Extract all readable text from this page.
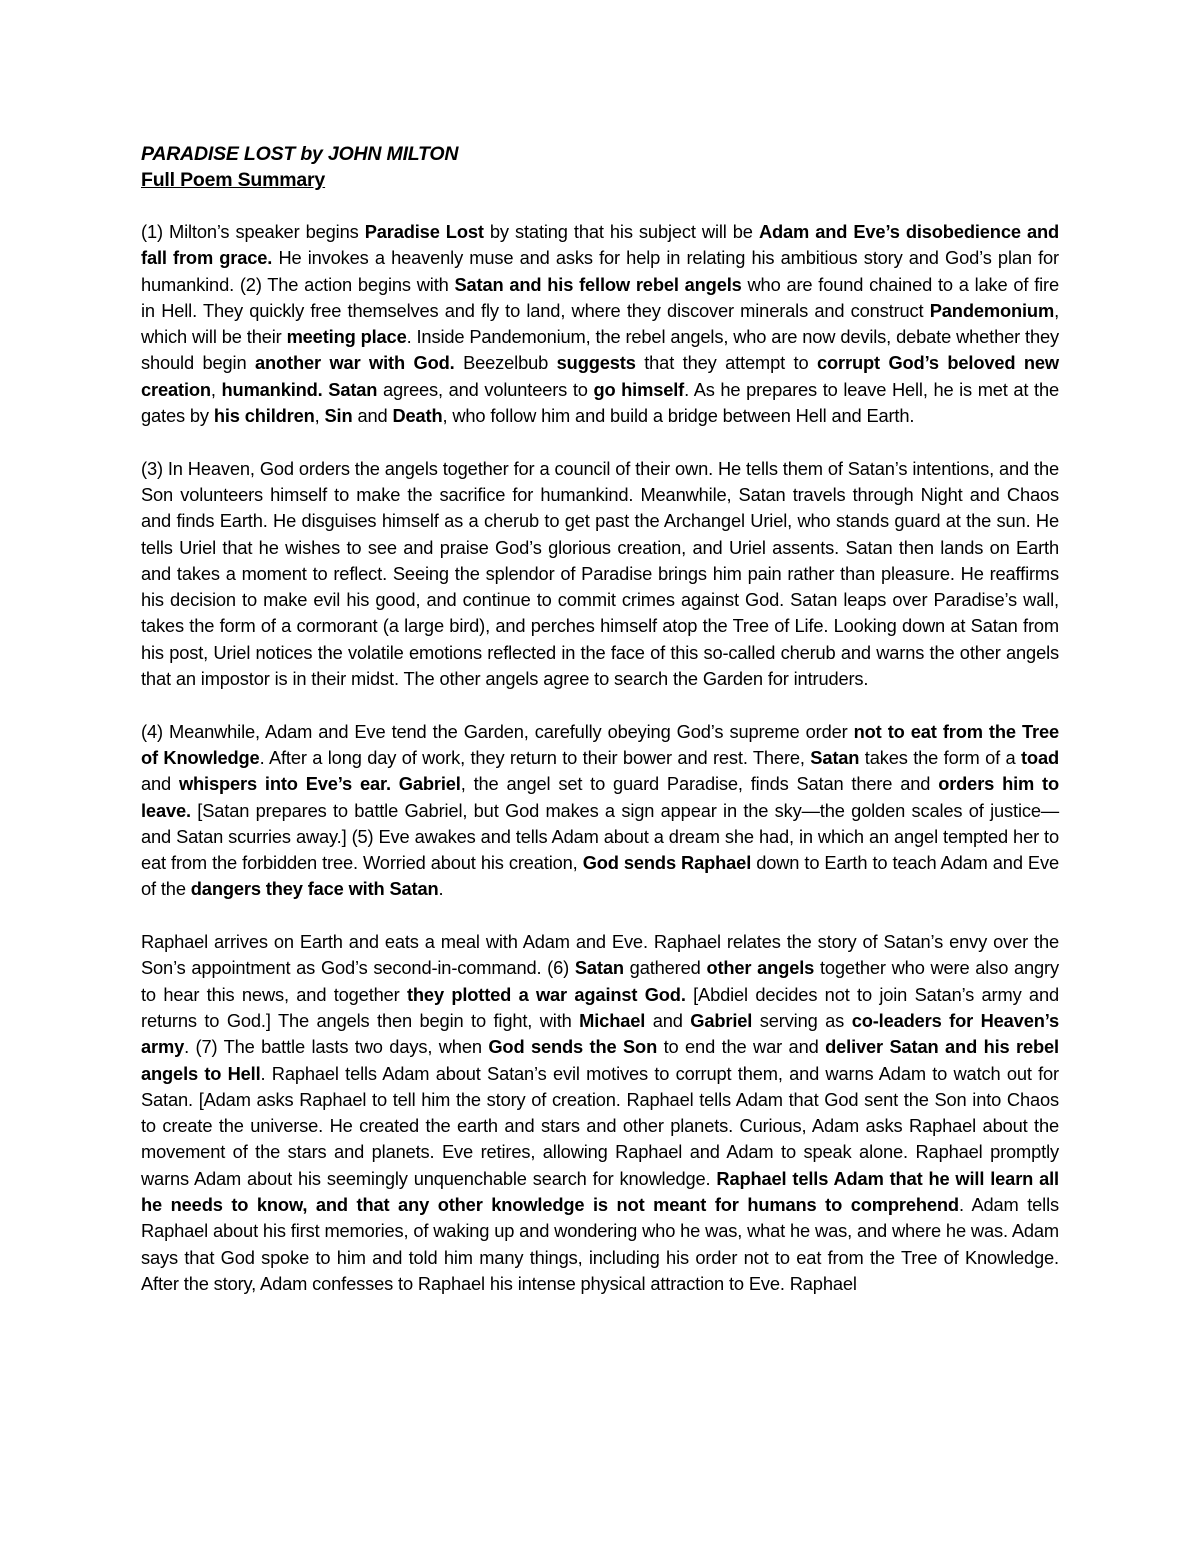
PARADISE LOST by JOHN MILTON

Full Poem Summary

(1) Milton’s speaker begins Paradise Lost by stating that his subject will be Adam and Eve’s disobedience and fall from grace. He invokes a heavenly muse and asks for help in relating his ambitious story and God’s plan for humankind. (2) The action begins with Satan and his fellow rebel angels who are found chained to a lake of fire in Hell. They quickly free themselves and fly to land, where they discover minerals and construct Pandemonium, which will be their meeting place. Inside Pandemonium, the rebel angels, who are now devils, debate whether they should begin another war with God. Beezelbub suggests that they attempt to corrupt God’s beloved new creation, humankind. Satan agrees, and volunteers to go himself. As he prepares to leave Hell, he is met at the gates by his children, Sin and Death, who follow him and build a bridge between Hell and Earth.

(3) In Heaven, God orders the angels together for a council of their own. He tells them of Satan’s intentions, and the Son volunteers himself to make the sacrifice for humankind. Meanwhile, Satan travels through Night and Chaos and finds Earth. He disguises himself as a cherub to get past the Archangel Uriel, who stands guard at the sun. He tells Uriel that he wishes to see and praise God’s glorious creation, and Uriel assents. Satan then lands on Earth and takes a moment to reflect. Seeing the splendor of Paradise brings him pain rather than pleasure. He reaffirms his decision to make evil his good, and continue to commit crimes against God. Satan leaps over Paradise’s wall, takes the form of a cormorant (a large bird), and perches himself atop the Tree of Life. Looking down at Satan from his post, Uriel notices the volatile emotions reflected in the face of this so-called cherub and warns the other angels that an impostor is in their midst. The other angels agree to search the Garden for intruders.

(4) Meanwhile, Adam and Eve tend the Garden, carefully obeying God’s supreme order not to eat from the Tree of Knowledge. After a long day of work, they return to their bower and rest. There, Satan takes the form of a toad and whispers into Eve’s ear. Gabriel, the angel set to guard Paradise, finds Satan there and orders him to leave. [Satan prepares to battle Gabriel, but God makes a sign appear in the sky—the golden scales of justice—and Satan scurries away.] (5) Eve awakes and tells Adam about a dream she had, in which an angel tempted her to eat from the forbidden tree. Worried about his creation, God sends Raphael down to Earth to teach Adam and Eve of the dangers they face with Satan.

Raphael arrives on Earth and eats a meal with Adam and Eve. Raphael relates the story of Satan’s envy over the Son’s appointment as God’s second-in-command. (6) Satan gathered other angels together who were also angry to hear this news, and together they plotted a war against God. [Abdiel decides not to join Satan’s army and returns to God.] The angels then begin to fight, with Michael and Gabriel serving as co-leaders for Heaven’s army. (7) The battle lasts two days, when God sends the Son to end the war and deliver Satan and his rebel angels to Hell. Raphael tells Adam about Satan’s evil motives to corrupt them, and warns Adam to watch out for Satan. [Adam asks Raphael to tell him the story of creation. Raphael tells Adam that God sent the Son into Chaos to create the universe. He created the earth and stars and other planets. Curious, Adam asks Raphael about the movement of the stars and planets. Eve retires, allowing Raphael and Adam to speak alone. Raphael promptly warns Adam about his seemingly unquenchable search for knowledge. Raphael tells Adam that he will learn all he needs to know, and that any other knowledge is not meant for humans to comprehend. Adam tells Raphael about his first memories, of waking up and wondering who he was, what he was, and where he was. Adam says that God spoke to him and told him many things, including his order not to eat from the Tree of Knowledge. After the story, Adam confesses to Raphael his intense physical attraction to Eve. Raphael
